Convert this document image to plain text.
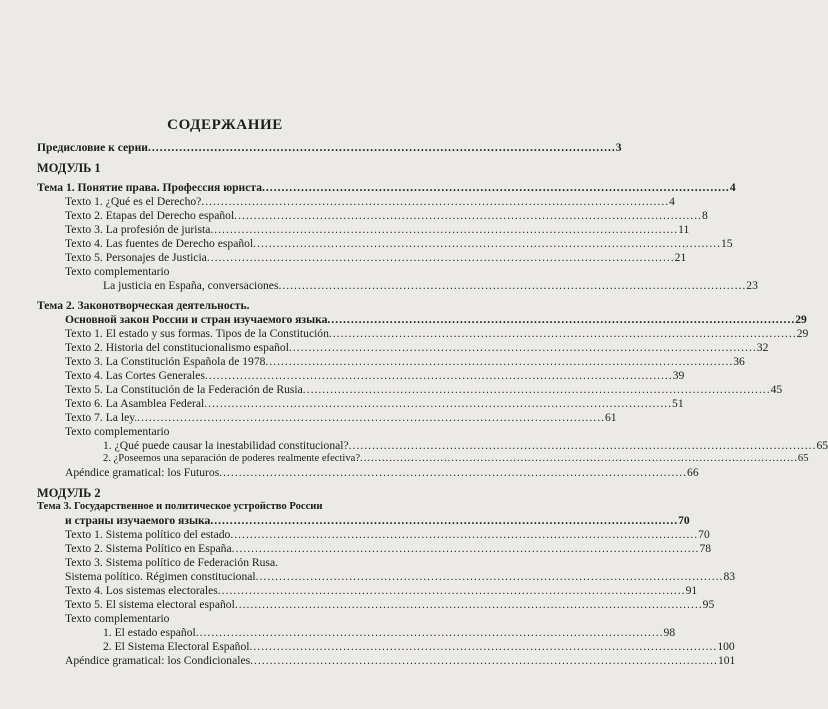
СОДЕРЖАНИЕ
Предисловие к серии ........................................................................................................................ 3
МОДУЛЬ 1
Тема 1. Понятие права. Профессия юриста ........................................................................................................................ 4
Texto 1. ¿Qué es el Derecho? ........................................................................................................................ 4
Texto 2. Etapas del Derecho español ........................................................................................................................ 8
Texto 3. La profesión de jurista ........................................................................................................................ 11
Texto 4. Las fuentes de Derecho español ........................................................................................................................ 15
Texto 5. Personajes de Justicia ........................................................................................................................ 21
Texto complementario
La justicia en España, conversaciones ........................................................................................................................ 23
Тема 2. Законотворческая деятельность.
Основной закон России и стран изучаемого языка ........................................................................................................................ 29
Texto 1. El estado y sus formas. Tipos de la Constitución ........................................................................................................................ 29
Texto 2. Historia del constitucionalismo español ........................................................................................................................ 32
Texto 3. La Constitución Española de 1978 ........................................................................................................................ 36
Texto 4. Las Cortes Generales ........................................................................................................................ 39
Texto 5. La Constitución de la Federación de Rusia ........................................................................................................................ 45
Texto 6. La Asamblea Federal ........................................................................................................................ 51
Texto 7. La ley. ........................................................................................................................ 61
Texto complementario
1. ¿Qué puede causar la inestabilidad constitucional? ........................................................................................................................ 65
2. ¿Poseemos una separación de poderes realmente efectiva? ........................................................................................................................ 65
Apéndice gramatical: los Futuros ........................................................................................................................ 66
МОДУЛЬ 2
Тема 3. Государственное и политическое устройство России
и страны изучаемого языка ........................................................................................................................ 70
Texto 1. Sistema político del estado ........................................................................................................................ 70
Texto 2. Sistema Político en España ........................................................................................................................ 78
Texto 3. Sistema político de Federación Rusa.
Sistema político. Régimen constitucional ........................................................................................................................ 83
Texto 4. Los sistemas electorales ........................................................................................................................ 91
Texto 5. El sistema electoral español ........................................................................................................................ 95
Texto complementario
1. El estado español ........................................................................................................................ 98
2. El Sistema Electoral Español ........................................................................................................................ 100
Apéndice gramatical: los Condicionales ........................................................................................................................ 101
